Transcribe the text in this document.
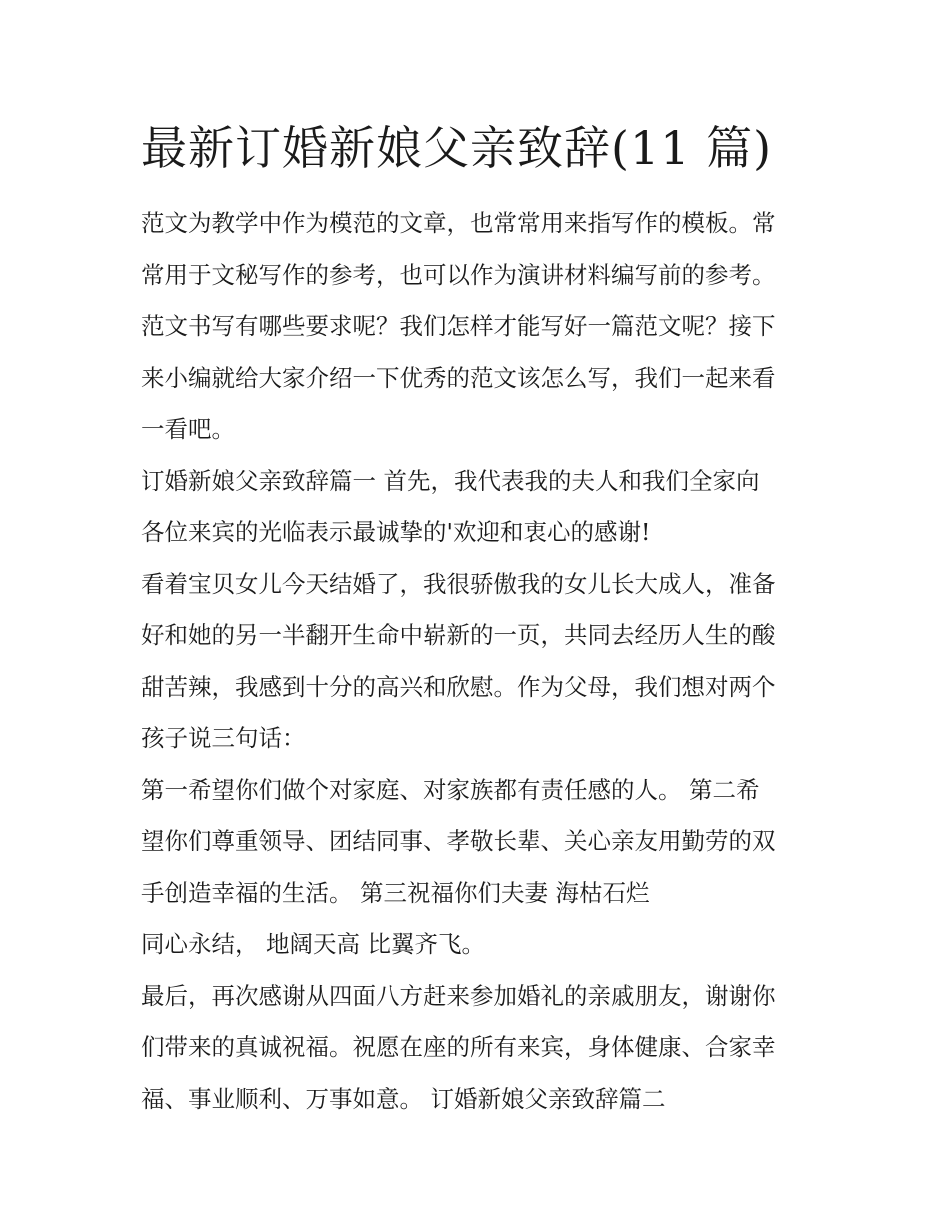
最新订婚新娘父亲致辞(11 篇)

范文为教学中作为模范的文章，也常常用来指写作的模板。常

常用于文秘写作的参考，也可以作为演讲材料编写前的参考。

范文书写有哪些要求呢？我们怎样才能写好一篇范文呢？接下

来小编就给大家介绍一下优秀的范文该怎么写，我们一起来看

一看吧。

订婚新娘父亲致辞篇一 首先，我代表我的夫人和我们全家向

各位来宾的光临表示最诚挚的'欢迎和衷心的感谢!

看着宝贝女儿今天结婚了，我很骄傲我的女儿长大成人，准备

好和她的另一半翻开生命中崭新的一页，共同去经历人生的酸

甜苦辣，我感到十分的高兴和欣慰。作为父母，我们想对两个

孩子说三句话：

第一希望你们做个对家庭、对家族都有责任感的人。 第二希

望你们尊重领导、团结同事、孝敬长辈、关心亲友用勤劳的双

手创造幸福的生活。 第三祝福你们夫妻 海枯石烂

同心永结， 地阔天高 比翼齐飞。

最后，再次感谢从四面八方赶来参加婚礼的亲戚朋友，谢谢你

们带来的真诚祝福。祝愿在座的所有来宾，身体健康、合家幸

福、事业顺利、万事如意。 订婚新娘父亲致辞篇二
